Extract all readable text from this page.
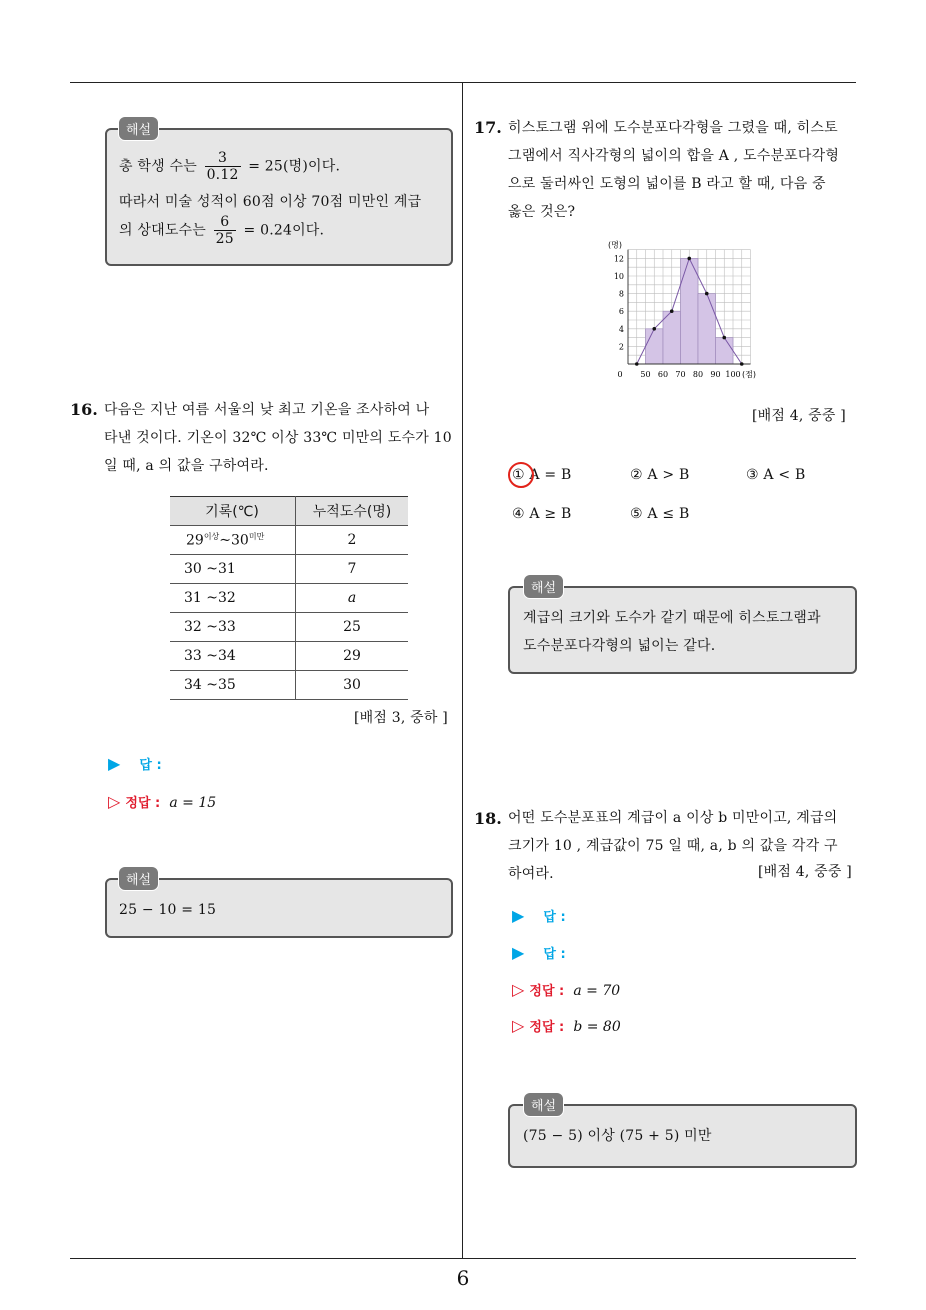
총 학생 수는 $\frac{3}{0.12} = 25$(명)이다.
따라서 미술 성적이 60점 이상 70점 미만인 계급
의 상대도수는 $\frac{6}{25} = 0.24$이다.
해설
16. 다음은 지난 여름 서울의 낮 최고 기온을 조사하여 나
타낸 것이다. 기온이 32℃ 이상 33℃ 미만의 도수가 10
일 때, a 의 값을 구하여라.
기록(℃)	누적도수(명)
$29^{이상}\sim 30^{미만}$	2
30 ~31	7
31 ~32	a
32 ~33	25
33 ~34	29
34 ~35	30
[배점 3, 중하 ]
▶ 답 :
▷ 정답 : a = 15
25 − 10 = 15
해설
17. 히스토그램 위에 도수분포다각형을 그렸을 때, 히스토
그램에서 직사각형의 넓이의 합을 A , 도수분포다각형
으로 둘러싸인 도형의 넓이를 B 라고 할 때, 다음 중
옳은 것은?
2
4
6
8
10
12
0 50 60 70 80 90 100
(명)
(점)
[배점 4, 중중 ]
① A = B	② A > B	③ A < B
④ A ≥ B	⑤ A ≤ B
계급의 크기와 도수가 같기 때문에 히스토그램과
도수분포다각형의 넓이는 같다.
해설
18. 어떤 도수분포표의 계급이 a 이상 b 미만이고, 계급의
크기가 10 , 계급값이 75 일 때, a, b 의 값을 각각 구
하여라.	[배점 4, 중중 ]
▶ 답 :
▶ 답 :
▷ 정답 : a = 70
▷ 정답 : b = 80
(75 − 5) 이상 (75 + 5) 미만
해설
6
